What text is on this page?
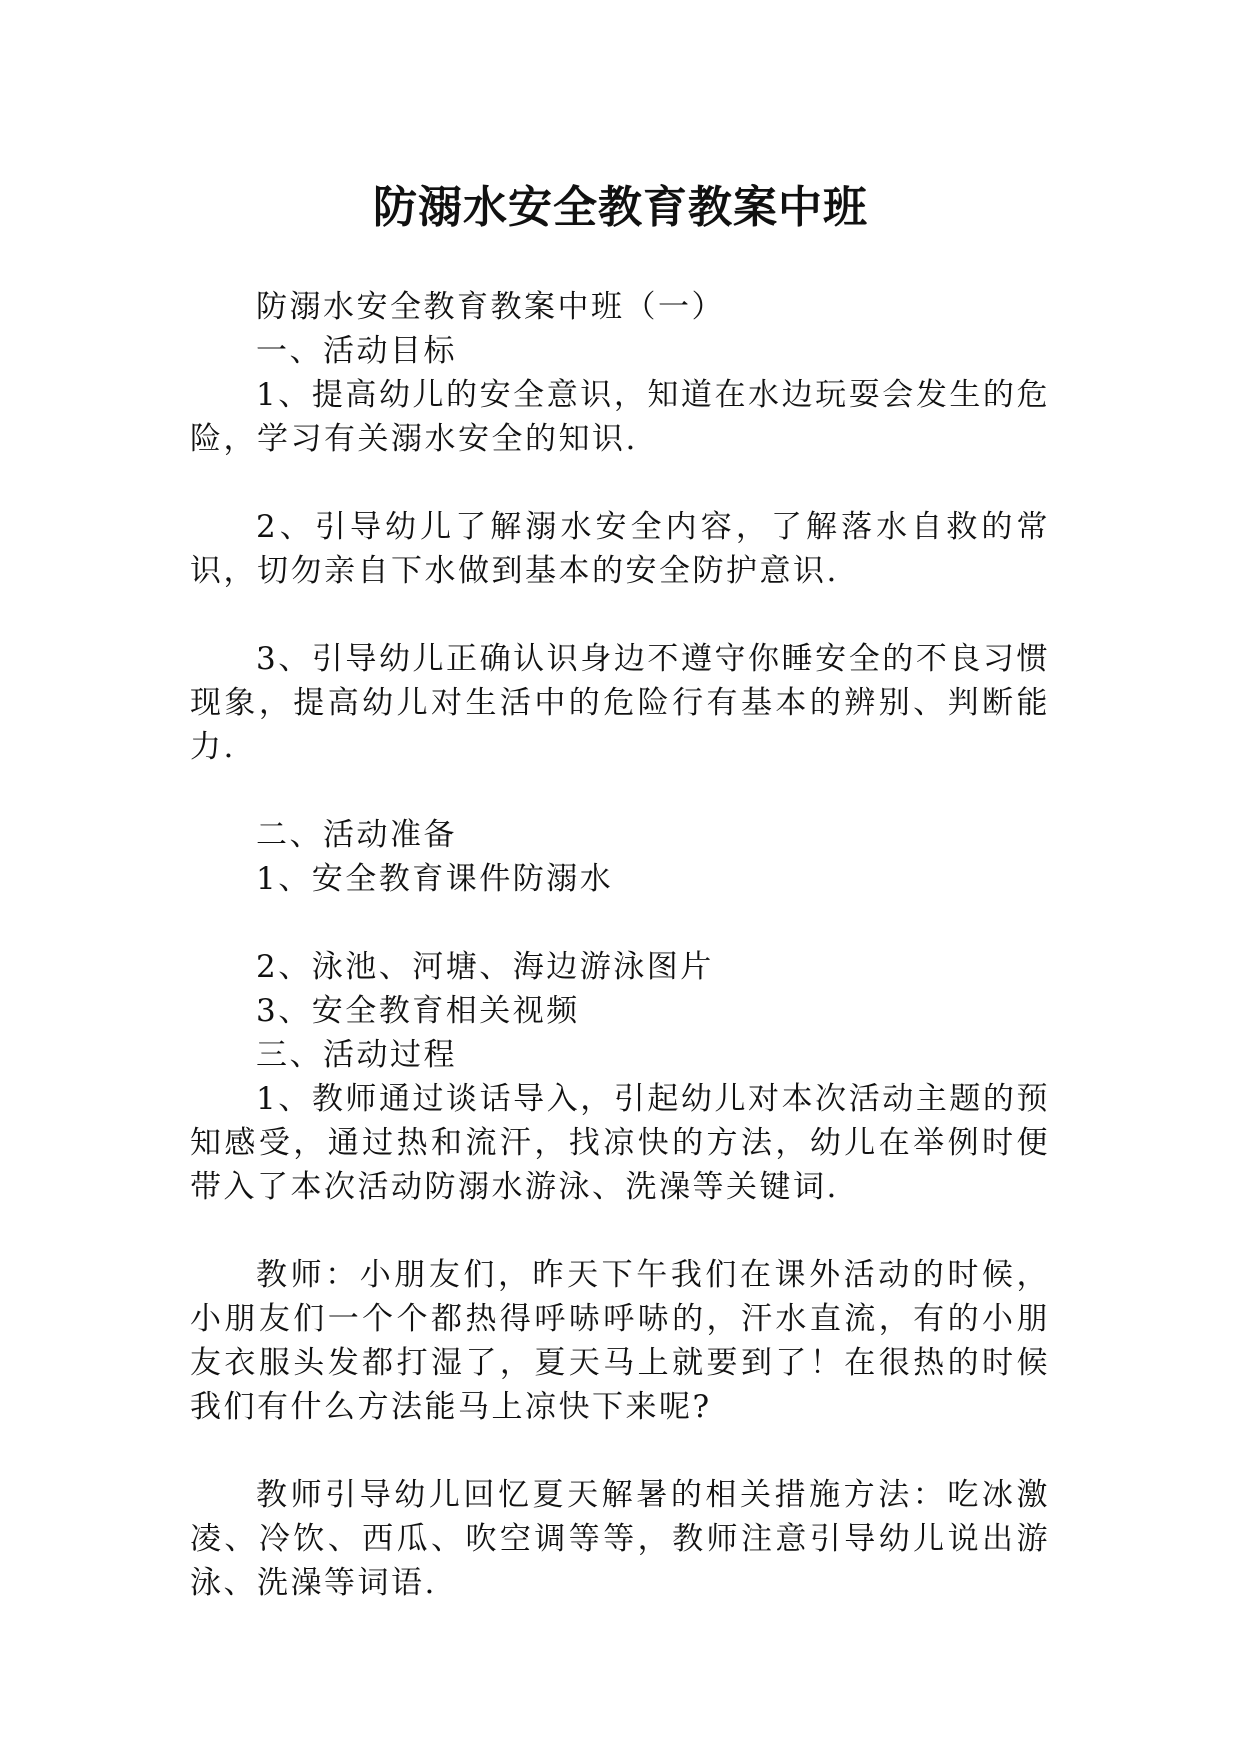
防溺水安全教育教案中班

防溺水安全教育教案中班（一）

一、活动目标

1、提高幼儿的安全意识，知道在水边玩耍会发生的危险，学习有关溺水安全的知识.

2、引导幼儿了解溺水安全内容，了解落水自救的常识，切勿亲自下水做到基本的安全防护意识.

3、引导幼儿正确认识身边不遵守你睡安全的不良习惯现象，提高幼儿对生活中的危险行有基本的辨别、判断能力.

二、活动准备

1、安全教育课件防溺水

2、泳池、河塘、海边游泳图片

3、安全教育相关视频

三、活动过程

1、教师通过谈话导入，引起幼儿对本次活动主题的预知感受，通过热和流汗，找凉快的方法，幼儿在举例时便带入了本次活动防溺水游泳、洗澡等关键词.

教师：小朋友们，昨天下午我们在课外活动的时候，小朋友们一个个都热得呼哧呼哧的，汗水直流，有的小朋友衣服头发都打湿了，夏天马上就要到了！在很热的时候我们有什么方法能马上凉快下来呢?

教师引导幼儿回忆夏天解暑的相关措施方法：吃冰激凌、冷饮、西瓜、吹空调等等，教师注意引导幼儿说出游泳、洗澡等词语.
